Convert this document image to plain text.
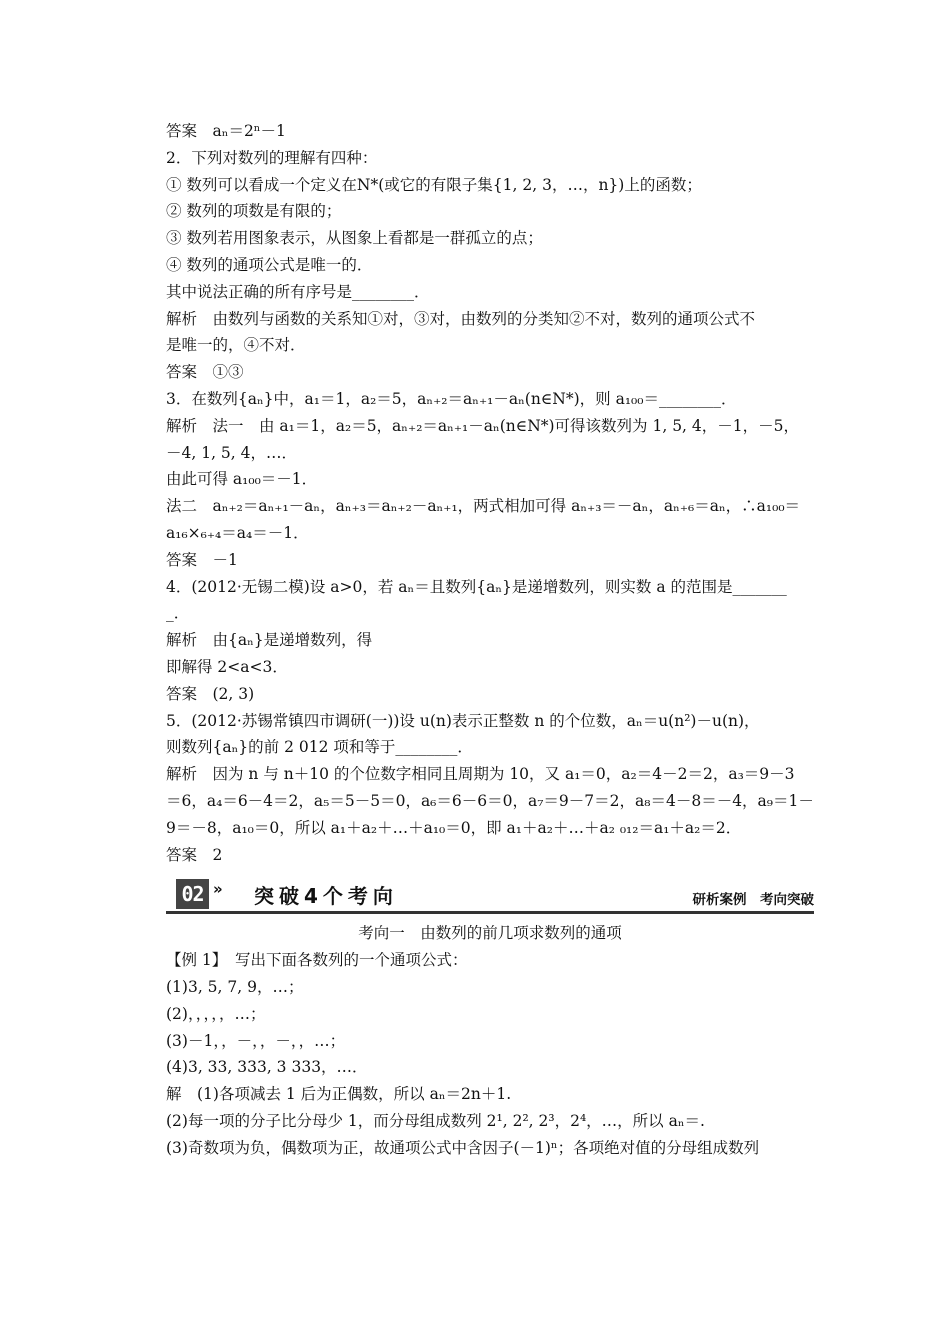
答案　aₙ＝2ⁿ－1
2．下列对数列的理解有四种：
① 数列可以看成一个定义在N*(或它的有限子集{1, 2, 3，…，n})上的函数；
② 数列的项数是有限的；
③ 数列若用图象表示，从图象上看都是一群孤立的点；
④ 数列的通项公式是唯一的．
其中说法正确的所有序号是________．
解析　由数列与函数的关系知①对，③对，由数列的分类知②不对，数列的通项公式不
是唯一的，④不对．
答案　①③
3．在数列{aₙ}中，a₁＝1，a₂＝5，aₙ₊₂＝aₙ₊₁－aₙ(n∈N*)，则 a₁₀₀＝________．
解析　法一　由 a₁＝1，a₂＝5，aₙ₊₂＝aₙ₊₁－aₙ(n∈N*)可得该数列为 1, 5, 4，－1，－5，
－4, 1, 5, 4，…．
由此可得 a₁₀₀＝－1．
法二　aₙ₊₂＝aₙ₊₁－aₙ，aₙ₊₃＝aₙ₊₂－aₙ₊₁，两式相加可得 aₙ₊₃＝－aₙ，aₙ₊₆＝aₙ，∴a₁₀₀＝
a₁₆×₆₊₄＝a₄＝－1．
答案　－1
4．(2012·无锡二模)设 a>0，若 aₙ＝且数列{aₙ}是递增数列，则实数 a 的范围是_______
_．
解析　由{aₙ}是递增数列，得
即解得 2<a<3．
答案　(2, 3)
5．(2012·苏锡常镇四市调研(一))设 u(n)表示正整数 n 的个位数，aₙ＝u(n²)－u(n)，
则数列{aₙ}的前 2 012 项和等于________．
解析　因为 n 与 n＋10 的个位数字相同且周期为 10，又 a₁＝0，a₂＝4－2＝2，a₃＝9－3
＝6，a₄＝6－4＝2，a₅＝5－5＝0，a₆＝6－6＝0，a₇＝9－7＝2，a₈＝4－8＝－4，a₉＝1－
9＝－8，a₁₀＝0，所以 a₁＋a₂＋…＋a₁₀＝0，即 a₁＋a₂＋…＋a₂ ₀₁₂＝a₁＋a₂＝2．
答案　2
02 » 突破4个考向	研析案例　考向突破
考向一　由数列的前几项求数列的通项
【例 1】　写出下面各数列的一个通项公式：
(1)3, 5, 7, 9，…；
(2)，，，，，…；
(3)－1，，－，，－，，…；
(4)3, 33, 333, 3 333，…．
解　(1)各项减去 1 后为正偶数，所以 aₙ＝2n＋1.
(2)每一项的分子比分母少 1，而分母组成数列 2¹, 2², 2³，2⁴，…，所以 aₙ＝.
(3)奇数项为负，偶数项为正，故通项公式中含因子(－1)ⁿ；各项绝对值的分母组成数列
